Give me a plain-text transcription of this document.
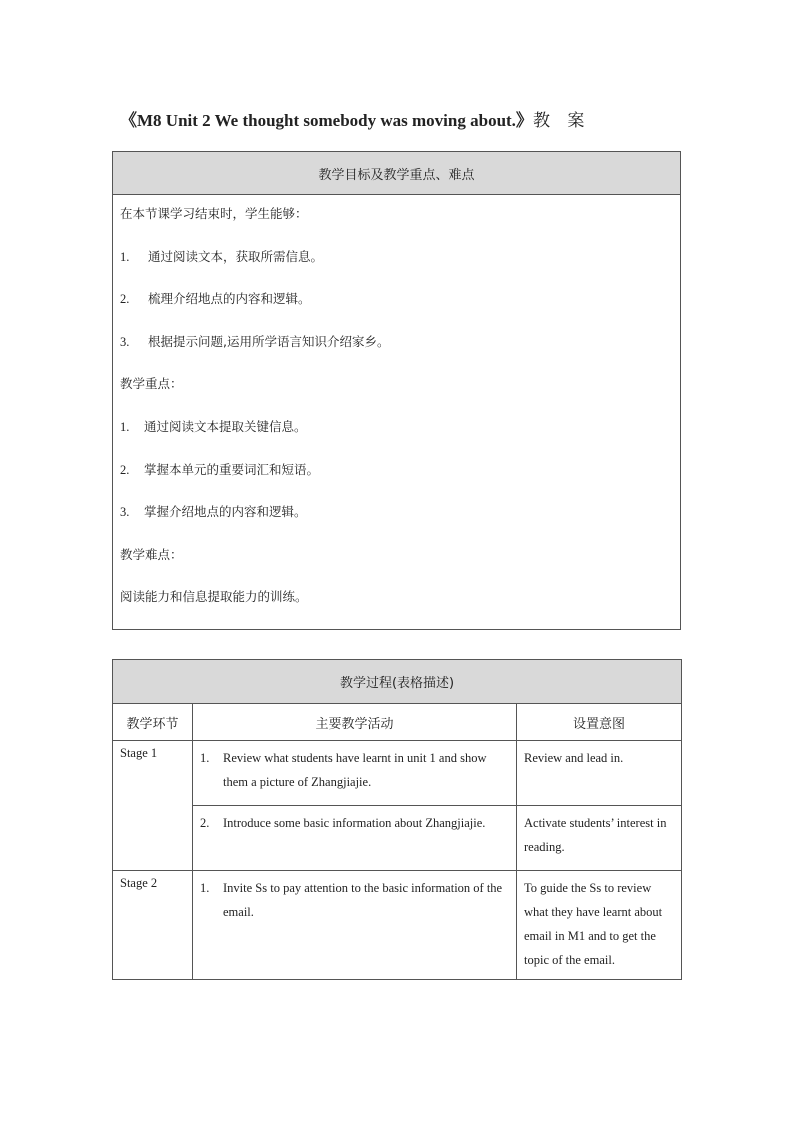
《M8 Unit 2 We thought somebody was moving about.》教 案
教学目标及教学重点、难点

在本节课学习结束时，学生能够：
1. 通过阅读文本，获取所需信息。
2. 梳理介绍地点的内容和逻辑。
3. 根据提示问题,运用所学语言知识介绍家乡。
教学重点：
1. 通过阅读文本提取关键信息。
2. 掌握本单元的重要词汇和短语。
3. 掌握介绍地点的内容和逻辑。
教学难点：
阅读能力和信息提取能力的训练。
教学过程(表格描述)		
教学环节	主要教学活动	设置意图
Stage 1	1. Review what students have learnt in unit 1 and show them a picture of Zhangjiajie.	Review and lead in.

	2. Introduce some basic information about Zhangjiajie.	Activate students’ interest in reading.
Stage 2	1. Invite Ss to pay attention to the basic information of the email.	To guide the Ss to review what they have learnt about email in M1 and to get the topic of the email.
